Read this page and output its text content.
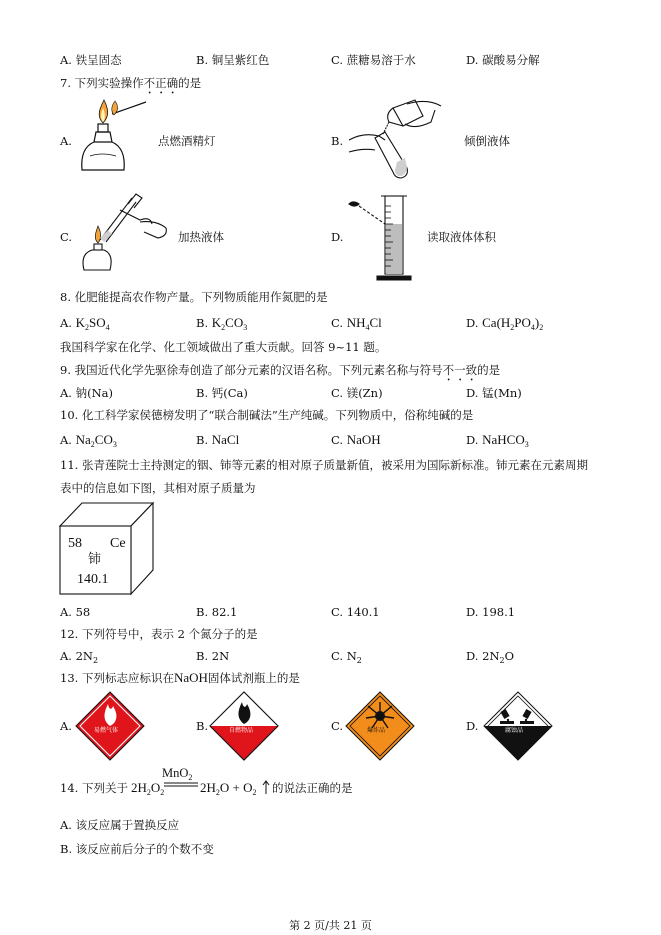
A. 铁呈固态	B. 铜呈紫红色	C. 蔗糖易溶于水	D. 碳酸易分解
7. 下列实验操作不正确的是
A.	点燃酒精灯	B.	倾倒液体
C.	加热液体	D.	读取液体体积
8. 化肥能提高农作物产量。下列物质能用作氮肥的是
A. $K_2SO_4$	B. $K_2CO_3$	C. $NH_4Cl$	D. $Ca(H_2PO_4)_2$
我国科学家在化学、化工领域做出了重大贡献。回答 9~11 题。
9. 我国近代化学先驱徐寿创造了部分元素的汉语名称。下列元素名称与符号不一致的是
A. 钠(Na)	B. 钙(Ca)	C. 镁(Zn)	D. 锰(Mn)
10. 化工科学家侯德榜发明了“联合制碱法”生产纯碱。下列物质中，俗称纯碱的是
A. $Na_2CO_3$	B. NaCl	C. NaOH	D. NaHCO$_3$
11. 张青莲院士主持测定的铟、铈等元素的相对原子质量新值，被采用为国际新标准。铈元素在元素周期
表中的信息如下图，其相对原子质量为
58 Ce
铈
140.1
A. 58	B. 82.1	C. 140.1	D. 198.1
12. 下列符号中，表示 2 个氮分子的是
A. $2N_2$	B. 2N	C. $N_2$	D. $2N_2O$
13. 下列标志应标识在NaOH固体试剂瓶上的是
A.	易燃气体	B.	自燃物品	C.	爆炸品	D.	腐蚀品
MnO$_2$
14. 下列关于 $2H_2O_2$	$2H_2O + O_2$ 的说法正确的是
A. 该反应属于置换反应
B. 该反应前后分子的个数不变
第 2 页/共 21 页
